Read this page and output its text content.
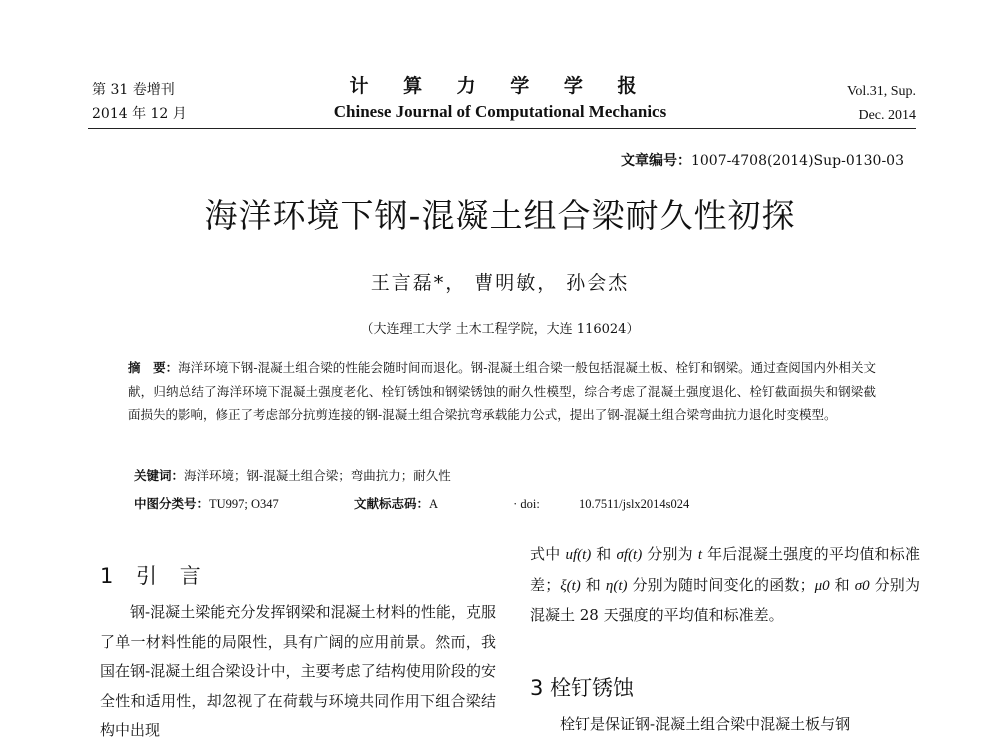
第 31 卷增刊
2014 年 12 月
计 算 力 学 学 报
Chinese Journal of Computational Mechanics
Vol.31, Sup.
Dec. 2014
文章编号：1007-4708(2014)Sup-0130-03
海洋环境下钢-混凝土组合梁耐久性初探
王言磊*， 曹明敏， 孙会杰
（大连理工大学 土木工程学院，大连 116024）
摘　要：海洋环境下钢-混凝土组合梁的性能会随时间而退化。钢-混凝土组合梁一般包括混凝土板、栓钉和钢梁。通过查阅国内外相关文献，归纳总结了海洋环境下混凝土强度老化、栓钉锈蚀和钢梁锈蚀的耐久性模型，综合考虑了混凝土强度退化、栓钉截面损失和钢梁截面损失的影响，修正了考虑部分抗剪连接的钢-混凝土组合梁抗弯承载能力公式，提出了钢-混凝土组合梁弯曲抗力退化时变模型。
关键词：海洋环境；钢-混凝土组合梁；弯曲抗力；耐久性
中图分类号：TU997; O347	文献标志码：A	· doi:	10.7511/jslx2014s024
1 引 言
钢-混凝土梁能充分发挥钢梁和混凝土材料的性能，克服了单一材料性能的局限性，具有广阔的应用前景。然而，我国在钢-混凝土组合梁设计中，主要考虑了结构使用阶段的安全性和适用性，却忽视了在荷载与环境共同作用下组合梁结构中出现
式中 uf(t) 和 σf(t) 分别为 t 年后混凝土强度的平均值和标准差；ξ(t) 和 η(t) 分别为随时间变化的函数；μ0 和 σ0 分别为混凝土 28 天强度的平均值和标准差。
3 栓钉锈蚀
栓钉是保证钢-混凝土组合梁中混凝土板与钢
